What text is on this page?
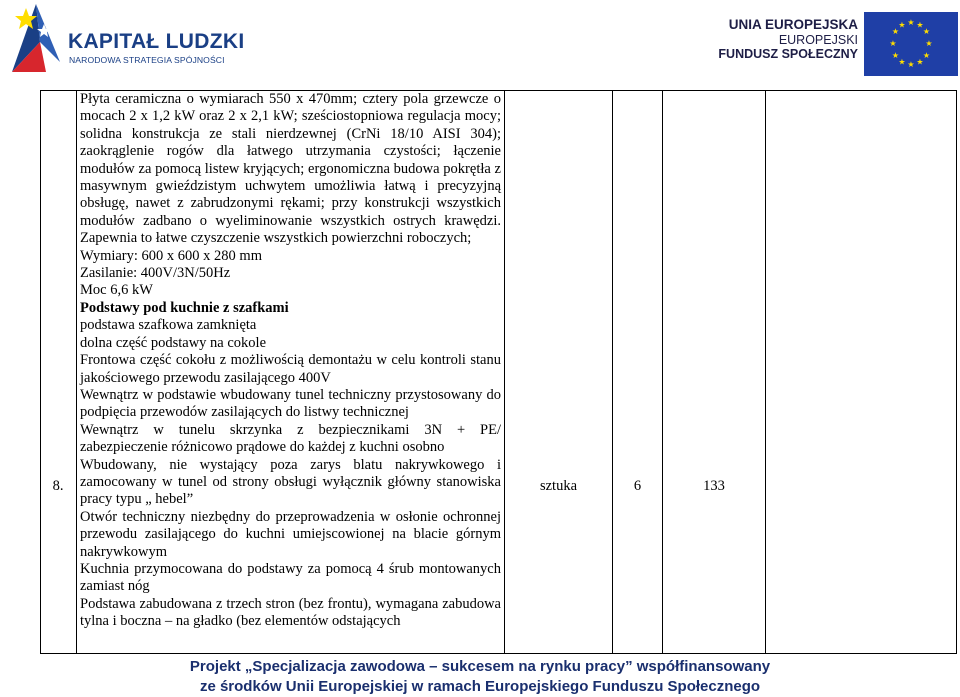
KAPITAŁ LUDZKI
NARODOWA STRATEGIA SPÓJNOŚCI
UNIA EUROPEJSKA
EUROPEJSKI
FUNDUSZ SPOŁECZNY
★ ★
★
★
★
★
★
★
★
★
★
★
8.

Płyta ceramiczna o wymiarach 550 x 470mm; cztery pola grzewcze o mocach 2 x 1,2 kW oraz 2 x 2,1 kW; sześciostopniowa regulacja mocy; solidna konstrukcja ze stali nierdzewnej (CrNi 18/10 AISI 304); zaokrąglenie rogów dla łatwego utrzymania czystości; łączenie modułów za pomocą listew kryjących; ergonomiczna budowa pokrętła z masywnym gwieździstym uchwytem umożliwia łatwą i precyzyjną obsługę, nawet z zabrudzonymi rękami; przy konstrukcji wszystkich modułów zadbano o wyeliminowanie wszystkich ostrych krawędzi. Zapewnia to łatwe czyszczenie wszystkich powierzchni roboczych;

Wymiary: 600 x 600 x 280 mm

Zasilanie: 400V/3N/50Hz

Moc 6,6 kW

Podstawy pod kuchnie z szafkami

podstawa szafkowa zamknięta

dolna część podstawy na cokole

Frontowa część cokołu z możliwością demontażu w celu kontroli stanu jakościowego przewodu zasilającego 400V

Wewnątrz w podstawie wbudowany tunel techniczny przystosowany do podpięcia przewodów zasilających do listwy technicznej

Wewnątrz w tunelu skrzynka z bezpiecznikami 3N + PE/ zabezpieczenie różnicowo prądowe do każdej z kuchni osobno

Wbudowany, nie wystający poza zarys blatu nakrywkowego i zamocowany w tunel od strony obsługi wyłącznik główny stanowiska pracy typu „ hebel”

Otwór techniczny niezbędny do przeprowadzenia w osłonie ochronnej przewodu zasilającego do kuchni umiejscowionej na blacie górnym nakrywkowym

Kuchnia przymocowana do podstawy za pomocą 4 śrub montowanych zamiast nóg

Podstawa zabudowana z trzech stron (bez frontu), wymagana zabudowa tylna i boczna – na gładko (bez elementów odstających

sztuka	6	133
Projekt „Specjalizacja zawodowa – sukcesem na rynku pracy” współfinansowany
ze środków Unii Europejskiej w ramach Europejskiego Funduszu Społecznego
